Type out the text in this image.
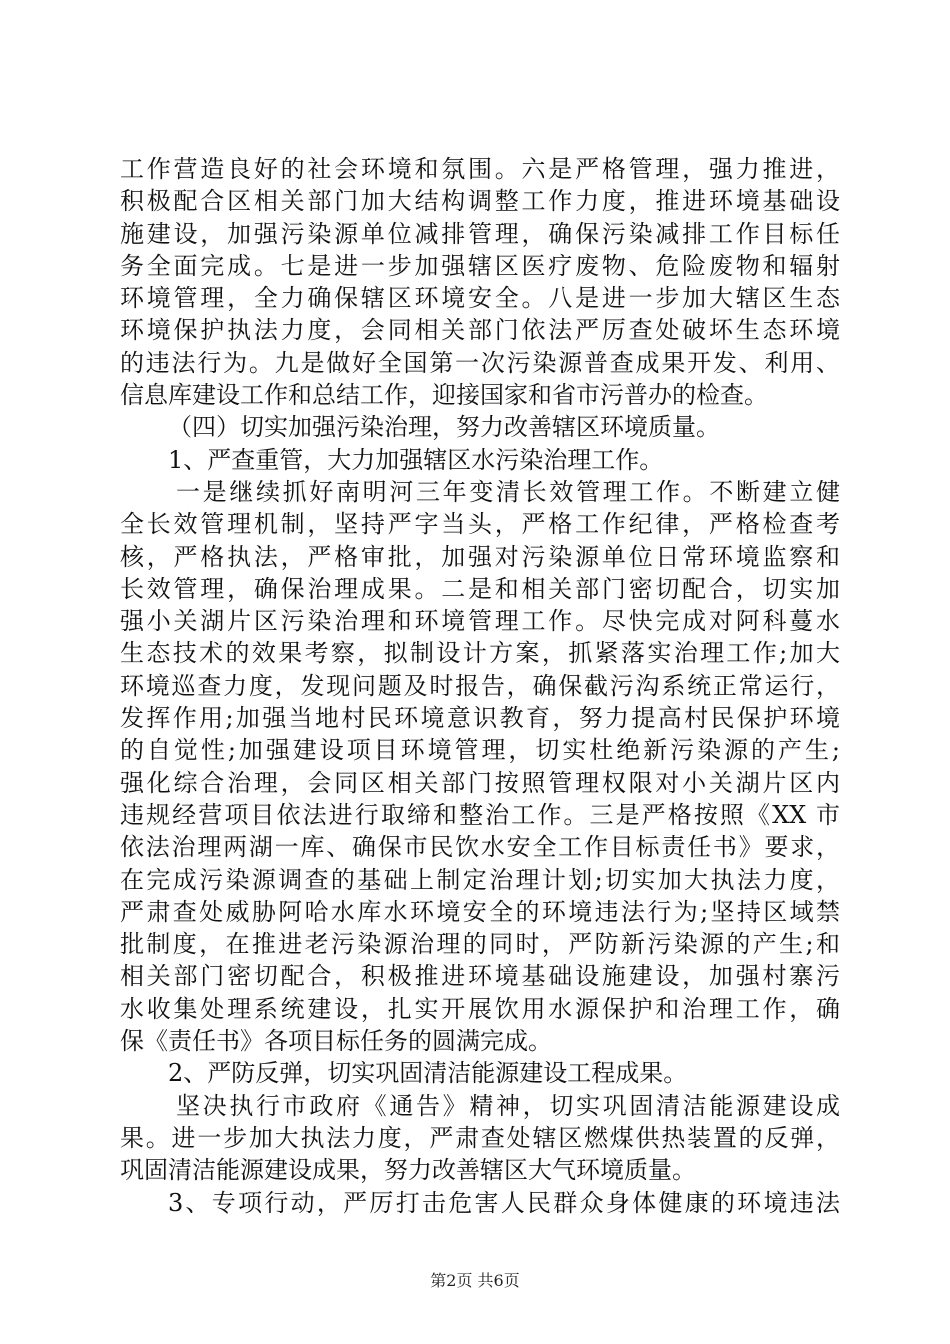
工作营造良好的社会环境和氛围。六是严格管理，强力推进，
积极配合区相关部门加大结构调整工作力度，推进环境基础设
施建设，加强污染源单位减排管理，确保污染减排工作目标任
务全面完成。七是进一步加强辖区医疗废物、危险废物和辐射
环境管理，全力确保辖区环境安全。八是进一步加大辖区生态
环境保护执法力度，会同相关部门依法严厉查处破坏生态环境
的违法行为。九是做好全国第一次污染源普查成果开发、利用、
信息库建设工作和总结工作，迎接国家和省市污普办的检查。
（四）切实加强污染治理，努力改善辖区环境质量。
1、严查重管，大力加强辖区水污染治理工作。
一是继续抓好南明河三年变清长效管理工作。不断建立健
全长效管理机制，坚持严字当头，严格工作纪律，严格检查考
核，严格执法，严格审批，加强对污染源单位日常环境监察和
长效管理，确保治理成果。二是和相关部门密切配合，切实加
强小关湖片区污染治理和环境管理工作。尽快完成对阿科蔓水
生态技术的效果考察，拟制设计方案，抓紧落实治理工作;加大
环境巡查力度，发现问题及时报告，确保截污沟系统正常运行，
发挥作用;加强当地村民环境意识教育，努力提高村民保护环境
的自觉性;加强建设项目环境管理，切实杜绝新污染源的产生;
强化综合治理，会同区相关部门按照管理权限对小关湖片区内
违规经营项目依法进行取缔和整治工作。三是严格按照《XX 市
依法治理两湖一库、确保市民饮水安全工作目标责任书》要求，
在完成污染源调查的基础上制定治理计划;切实加大执法力度，
严肃查处威胁阿哈水库水环境安全的环境违法行为;坚持区域禁
批制度，在推进老污染源治理的同时，严防新污染源的产生;和
相关部门密切配合，积极推进环境基础设施建设，加强村寨污
水收集处理系统建设，扎实开展饮用水源保护和治理工作，确
保《责任书》各项目标任务的圆满完成。
2、严防反弹，切实巩固清洁能源建设工程成果。
坚决执行市政府《通告》精神，切实巩固清洁能源建设成
果。进一步加大执法力度，严肃查处辖区燃煤供热装置的反弹，
巩固清洁能源建设成果，努力改善辖区大气环境质量。
3、专项行动，严厉打击危害人民群众身体健康的环境违法
第2页 共6页
